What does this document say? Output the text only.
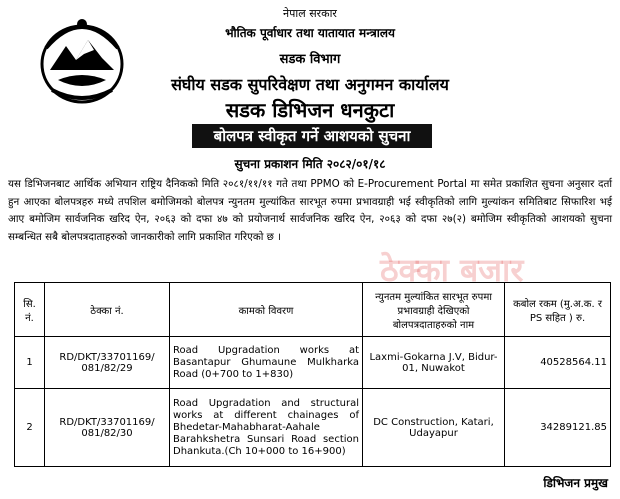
नेपाल सरकार
भौतिक पूर्वाधार तथा यातायात मन्त्रालय
सडक विभाग
संघीय सडक सुपरिवेक्षण तथा अनुगमन कार्यालय
सडक डिभिजन धनकुटा
बोलपत्र स्वीकृत गर्ने आशयको सुचना
सुचना प्रकाशन मिति २०८२/०१/१८
यस डिभिजनबाट आर्थिक अभियान राष्ट्रिय दैनिकको मिति २०८१/११/११ गते तथा PPMO को E-Procurement Portal मा समेत प्रकाशित सुचना अनुसार दर्ता हुन आएका बोलपत्रहरु मध्ये तपशिल बमोजिमको बोलपत्र न्युनतम मुल्यांकित सारभूत रुपमा प्रभावग्राही भई स्वीकृतिको लागि मुल्यांकन समितिबाट सिफारिश भई आए बमोजिम सार्वजनिक खरिद ऐन, २०६३ को दफा ४७ को प्रयोजनार्थ सार्वजनिक खरिद ऐन, २०६३ को दफा २७(२) बमोजिम स्वीकृतिको आशयको सुचना सम्बन्धित सबै बोलपत्रदाताहरुको जानकारीको लागि प्रकाशित गरिएको छ ।
ठेक्का बजार
सि. नं.	ठेक्का नं.	कामको विवरण	न्युनतम मुल्यांकित सारभूत रुपमा प्रभावग्राही देखिएको बोलपत्रदाताहरुको नाम	कबोल रकम (मु.अ.क. र PS सहित ) रु.
1	RD/DKT/33701169/ 081/82/29	Road Upgradation works at Basantapur Ghumaune Mulkharka Road (0+700 to 1+830)	Laxmi-Gokarna J.V, Bidur-01, Nuwakot	40528564.11
2	RD/DKT/33701169/ 081/82/30	Road Upgradation and structural works at different chainages of Bhedetar-Mahabharat-Aahale Barahkshetra Sunsari Road section Dhankuta.(Ch 10+000 to 16+900)	DC Construction, Katari, Udayapur	34289121.85
डिभिजन प्रमुख
